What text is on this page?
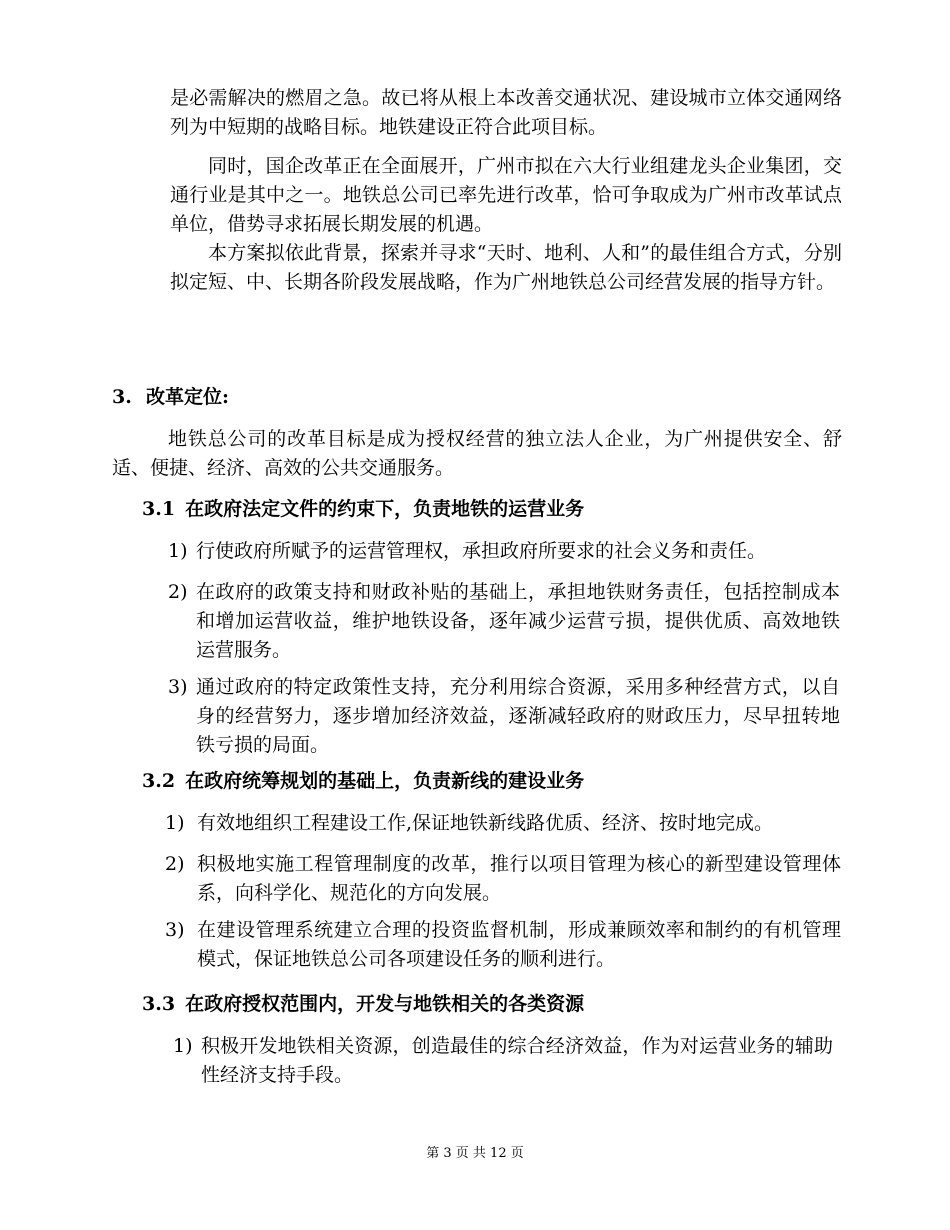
是必需解决的燃眉之急。故已将从根上本改善交通状况、建设城市立体交通网络列为中短期的战略目标。地铁建设正符合此项目标。

同时，国企改革正在全面展开，广州市拟在六大行业组建龙头企业集团，交通行业是其中之一。地铁总公司已率先进行改革，恰可争取成为广州市改革试点单位，借势寻求拓展长期发展的机遇。

本方案拟依此背景，探索并寻求“天时、地利、人和”的最佳组合方式，分别拟定短、中、长期各阶段发展战略，作为广州地铁总公司经营发展的指导方针。

3. 改革定位:

地铁总公司的改革目标是成为授权经营的独立法人企业，为广州提供安全、舒适、便捷、经济、高效的公共交通服务。

3.1 在政府法定文件的约束下，负责地铁的运营业务
1) 行使政府所赋予的运营管理权，承担政府所要求的社会义务和责任。
2) 在政府的政策支持和财政补贴的基础上，承担地铁财务责任，包括控制成本和增加运营收益，维护地铁设备，逐年减少运营亏损，提供优质、高效地铁运营服务。
3) 通过政府的特定政策性支持，充分利用综合资源，采用多种经营方式，以自身的经营努力，逐步增加经济效益，逐渐减轻政府的财政压力，尽早扭转地铁亏损的局面。
3.2 在政府统筹规划的基础上，负责新线的建设业务
1) 有效地组织工程建设工作,保证地铁新线路优质、经济、按时地完成。
2) 积极地实施工程管理制度的改革，推行以项目管理为核心的新型建设管理体系，向科学化、规范化的方向发展。
3) 在建设管理系统建立合理的投资监督机制，形成兼顾效率和制约的有机管理模式，保证地铁总公司各项建设任务的顺利进行。
3.3 在政府授权范围内，开发与地铁相关的各类资源
1) 积极开发地铁相关资源，创造最佳的综合经济效益，作为对运营业务的辅助性经济支持手段。

第 3 页 共 12 页
